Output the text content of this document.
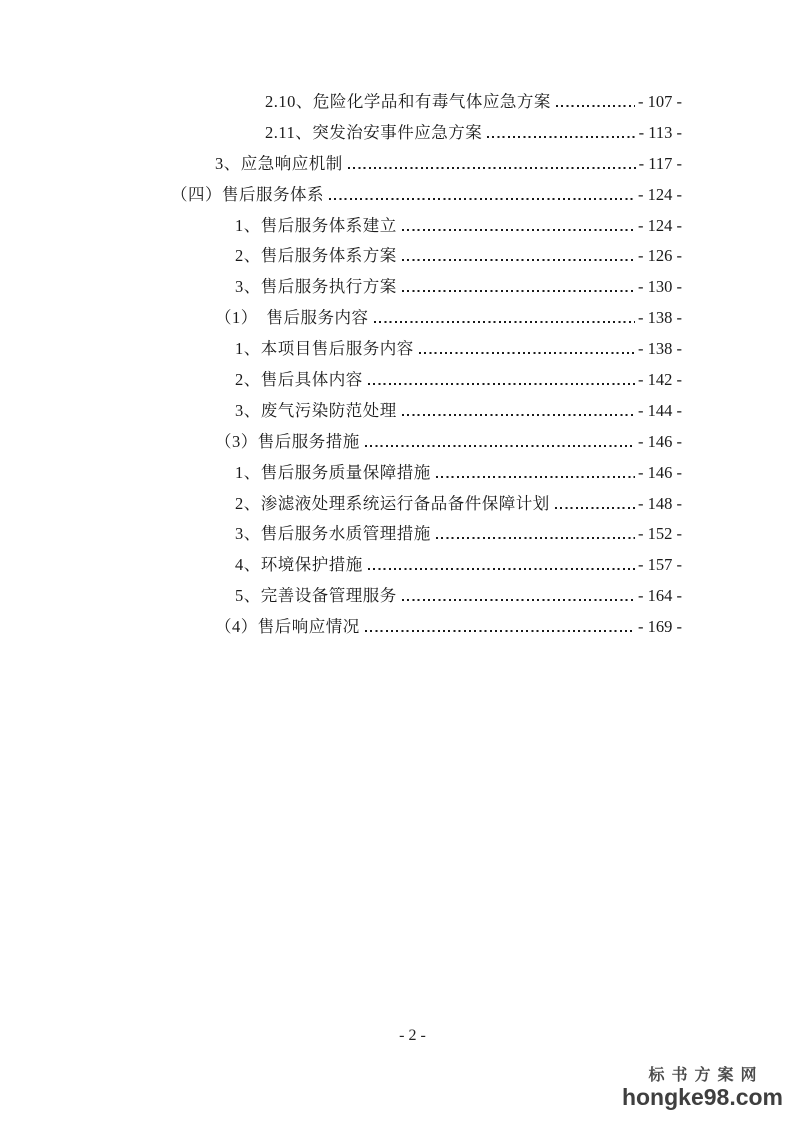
2.10、危险化学品和有毒气体应急方案	- 107 -
2.11、突发治安事件应急方案	- 113 -
3、应急响应机制	- 117 -
（四）售后服务体系	- 124 -
1、售后服务体系建立	- 124 -
2、售后服务体系方案	- 126 -
3、售后服务执行方案	- 130 -
（1）　售后服务内容	- 138 -
1、本项目售后服务内容	- 138 -
2、售后具体内容	- 142 -
3、废气污染防范处理	- 144 -
（3）售后服务措施	- 146 -
1、售后服务质量保障措施	- 146 -
2、渗滤液处理系统运行备品备件保障计划	- 148 -
3、售后服务水质管理措施	- 152 -
4、环境保护措施	- 157 -
5、完善设备管理服务	- 164 -
（4）售后响应情况	- 169 -
- 2 -
标书方案网
hongke98.com
